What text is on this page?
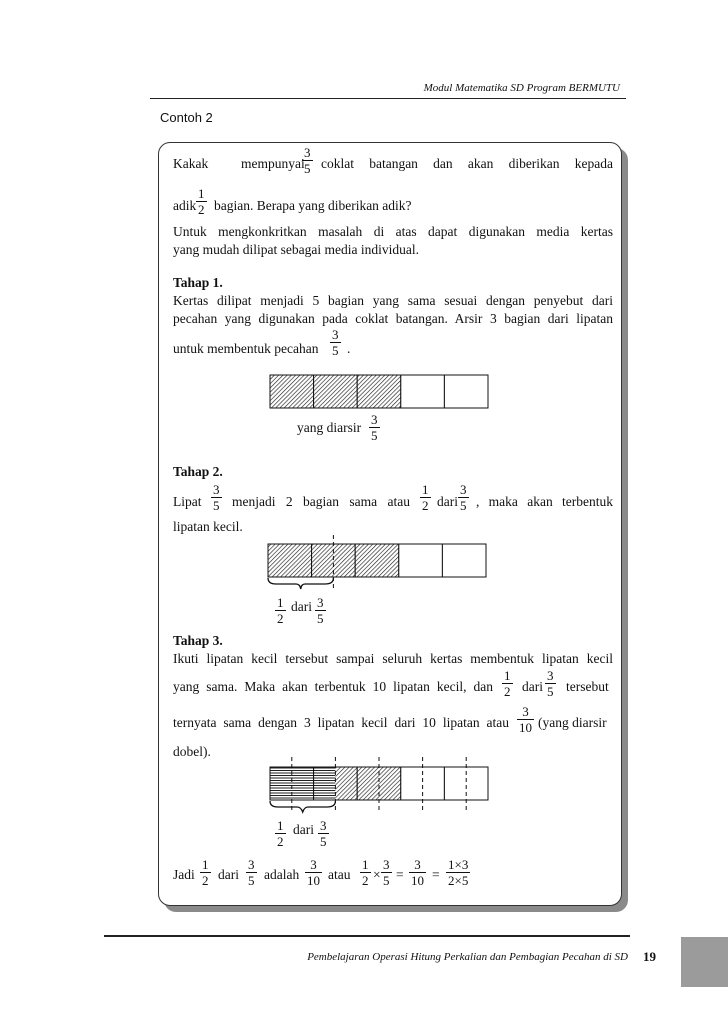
Modul Matematika SD Program BERMUTU
Contoh 2
Kakak mempunyai
$\frac{3}{5}$ coklat batangan dan akan diberikan kepada
adik $\frac{1}{2}$ bagian. Berapa yang diberikan adik?
Untuk mengkonkritkan masalah di atas dapat digunakan media kertas
yang mudah dilipat sebagai media individual.
Tahap 1.
Kertas dilipat menjadi 5 bagian yang sama sesuai dengan penyebut dari
pecahan yang digunakan pada coklat batangan. Arsir 3 bagian dari lipatan
untuk membentuk pecahan $\frac{3}{5}$ .
yang diarsir $\frac{3}{5}$
Tahap 2.
Lipat $\frac{3}{5}$ menjadi 2 bagian sama atau $\frac{1}{2}$ dari $\frac{3}{5}$ , maka akan terbentuk
lipatan kecil.
$\frac{1}{2}$ dari $\frac{3}{5}$
Tahap 3.
Ikuti lipatan kecil tersebut sampai seluruh kertas membentuk lipatan kecil
yang sama. Maka akan terbentuk 10 lipatan kecil, dan $\frac{1}{2}$ dari $\frac{3}{5}$ tersebut
ternyata sama dengan 3 lipatan kecil dari 10 lipatan atau $\frac{3}{10}$ (yang diarsir
dobel).
$\frac{1}{2}$ dari $\frac{3}{5}$
Jadi $\frac{1}{2}$ dari $\frac{3}{5}$ adalah $\frac{3}{10}$ atau $\frac{1}{2} \times \frac{3}{5} = \frac{3}{10} = \frac{1\times 3}{2\times 5}$
Pembelajaran Operasi Hitung Perkalian dan Pembagian Pecahan di SD 19
